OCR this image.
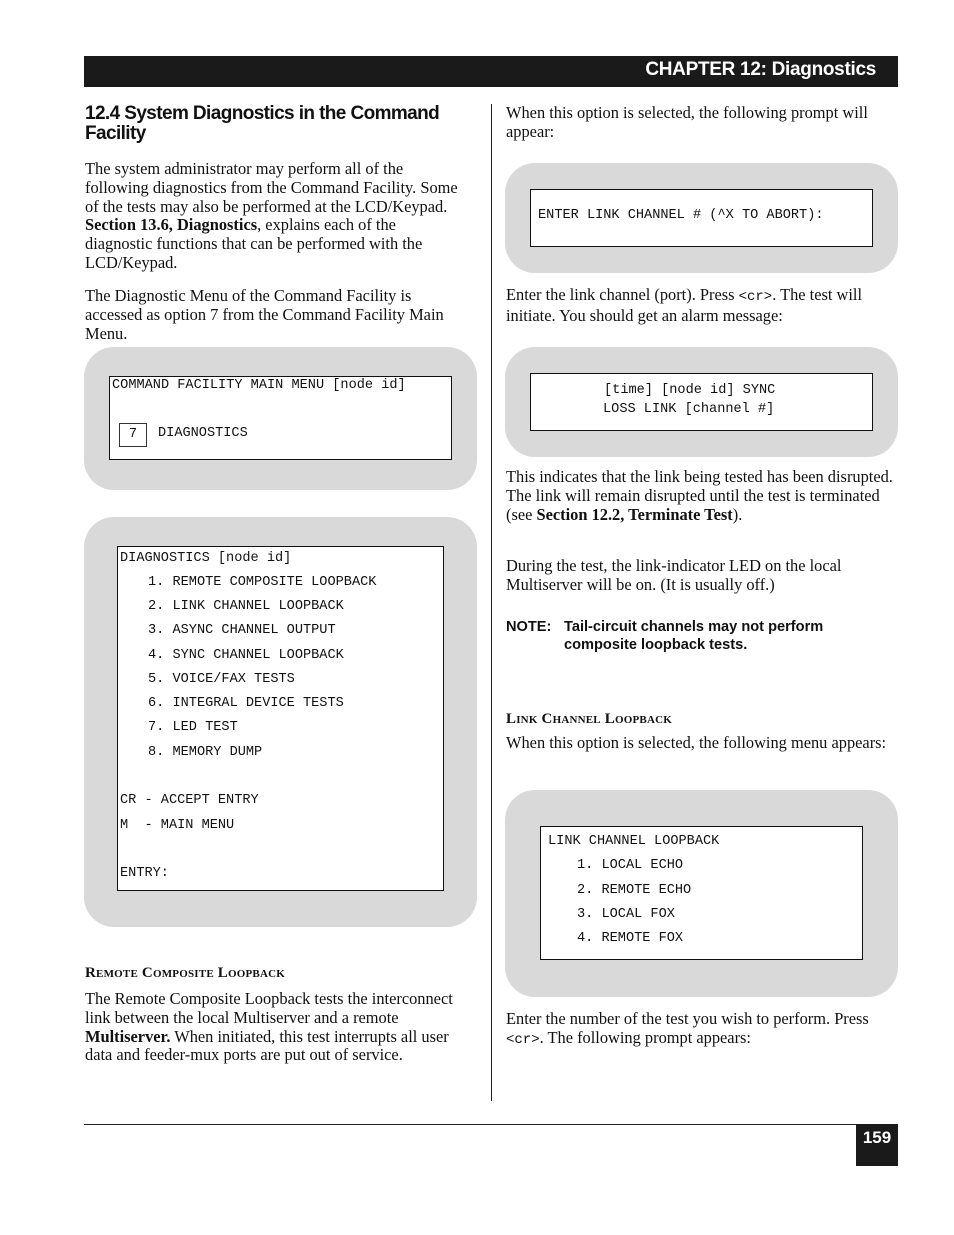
CHAPTER 12: Diagnostics
12.4 System Diagnostics in the Command Facility

The system administrator may perform all of the following diagnostics from the Command Facility. Some of the tests may also be performed at the LCD/Keypad. Section 13.6, Diagnostics, explains each of the diagnostic functions that can be performed with the LCD/Keypad.

The Diagnostic Menu of the Command Facility is accessed as option 7 from the Command Facility Main Menu.

COMMAND FACILITY MAIN MENU [node id]
7	DIAGNOSTICS
DIAGNOSTICS [node id]
1. REMOTE COMPOSITE LOOPBACK
2. LINK CHANNEL LOOPBACK
3. ASYNC CHANNEL OUTPUT
4. SYNC CHANNEL LOOPBACK
5. VOICE/FAX TESTS
6. INTEGRAL DEVICE TESTS
7. LED TEST
8. MEMORY DUMP
CR - ACCEPT ENTRY
M  - MAIN MENU
ENTRY:
Remote Composite Loopback

The Remote Composite Loopback tests the interconnect link between the local Multiserver and a remote Multiserver. When initiated, this test interrupts all user data and feeder-mux ports are put out of service.

When this option is selected, the following prompt will appear:

ENTER LINK CHANNEL # (^X TO ABORT):

Enter the link channel (port). Press <cr>. The test will initiate. You should get an alarm message:

[time] [node id] SYNC
LOSS LINK [channel #]

This indicates that the link being tested has been disrupted. The link will remain disrupted until the test is terminated (see Section 12.2, Terminate Test).

During the test, the link-indicator LED on the local Multiserver will be on. (It is usually off.)

NOTE: Tail-circuit channels may not perform
composite loopback tests.
Link Channel Loopback

When this option is selected, the following menu appears:

LINK CHANNEL LOOPBACK
1. LOCAL ECHO
2. REMOTE ECHO
3. LOCAL FOX
4. REMOTE FOX

Enter the number of the test you wish to perform. Press <cr>. The following prompt appears:

159
